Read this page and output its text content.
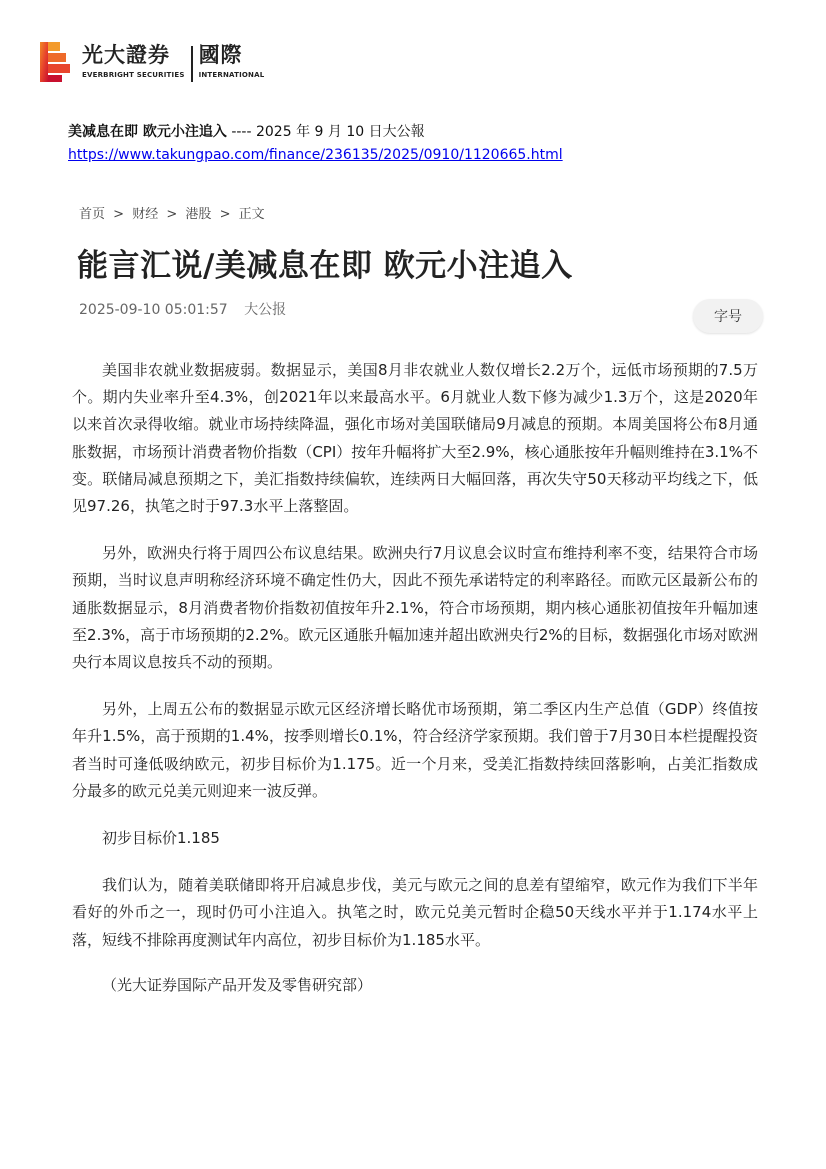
光大證券
EVERBRIGHT SECURITIES
國際
INTERNATIONAL
美减息在即 欧元小注追入 ---- 2025 年 9 月 10 日大公報
https://www.takungpao.com/finance/236135/2025/0910/1120665.html
首页 > 财经 > 港股 > 正文
能言汇说/美减息在即 欧元小注追入
2025-09-10 05:01:57 大公报	字号

美国非农就业数据疲弱。数据显示，美国8月非农就业人数仅增长2.2万个，远低市场预期的7.5万个。期内失业率升至4.3%，创2021年以来最高水平。6月就业人数下修为减少1.3万个，这是2020年以来首次录得收缩。就业市场持续降温，强化市场对美国联储局9月减息的预期。本周美国将公布8月通胀数据，市场预计消费者物价指数（CPI）按年升幅将扩大至2.9%，核心通胀按年升幅则维持在3.1%不变。联储局减息预期之下，美汇指数持续偏软，连续两日大幅回落，再次失守50天移动平均线之下，低见97.26，执笔之时于97.3水平上落整固。

另外，欧洲央行将于周四公布议息结果。欧洲央行7月议息会议时宣布维持利率不变，结果符合市场预期，当时议息声明称经济环境不确定性仍大，因此不预先承诺特定的利率路径。而欧元区最新公布的通胀数据显示，8月消费者物价指数初值按年升2.1%，符合市场预期，期内核心通胀初值按年升幅加速至2.3%，高于市场预期的2.2%。欧元区通胀升幅加速并超出欧洲央行2%的目标，数据强化市场对欧洲央行本周议息按兵不动的预期。

另外，上周五公布的数据显示欧元区经济增长略优市场预期，第二季区内生产总值（GDP）终值按年升1.5%，高于预期的1.4%，按季则增长0.1%，符合经济学家预期。我们曾于7月30日本栏提醒投资者当时可逢低吸纳欧元，初步目标价为1.175。近一个月来，受美汇指数持续回落影响，占美汇指数成分最多的欧元兑美元则迎来一波反弹。

初步目标价1.185

我们认为，随着美联储即将开启减息步伐，美元与欧元之间的息差有望缩窄，欧元作为我们下半年看好的外币之一，现时仍可小注追入。执笔之时，欧元兑美元暂时企稳50天线水平并于1.174水平上落，短线不排除再度测试年内高位，初步目标价为1.185水平。

（光大证券国际产品开发及零售研究部）
